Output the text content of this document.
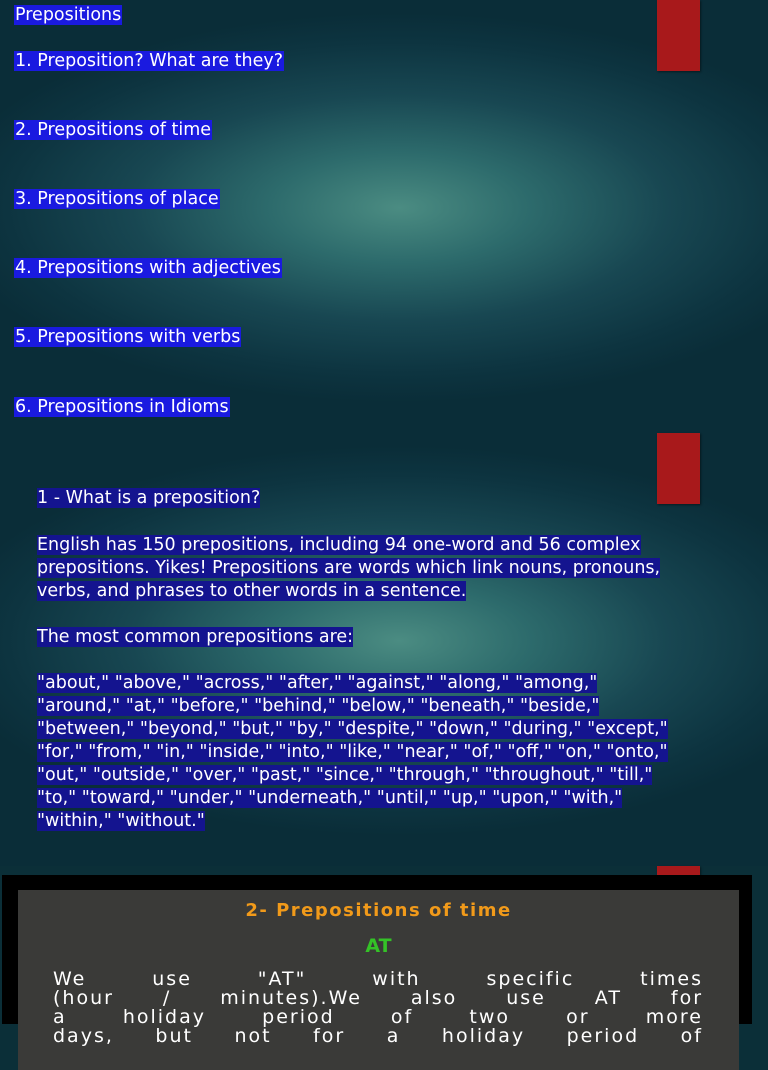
Prepositions
1. Preposition? What are they?
2. Prepositions of time
3. Prepositions of place
4. Prepositions with adjectives
5. Prepositions with verbs
6. Prepositions in Idioms
1 - What is a preposition?
English has 150 prepositions, including 94 one-word and 56 complex
prepositions. Yikes! Prepositions are words which link nouns, pronouns,
verbs, and phrases to other words in a sentence.
The most common prepositions are:
"about," "above," "across," "after," "against," "along," "among,"
"around," "at," "before," "behind," "below," "beneath," "beside,"
"between," "beyond," "but," "by," "despite," "down," "during," "except,"
"for," "from," "in," "inside," "into," "like," "near," "of," "off," "on," "onto,"
"out," "outside," "over," "past," "since," "through," "throughout," "till,"
"to," "toward," "under," "underneath," "until," "up," "upon," "with,"
"within," "without."
2- Prepositions of time
AT
We use "AT" with specific times
(hour / minutes).We also use AT for
a holiday period of two or more
days, but not for a holiday period of
